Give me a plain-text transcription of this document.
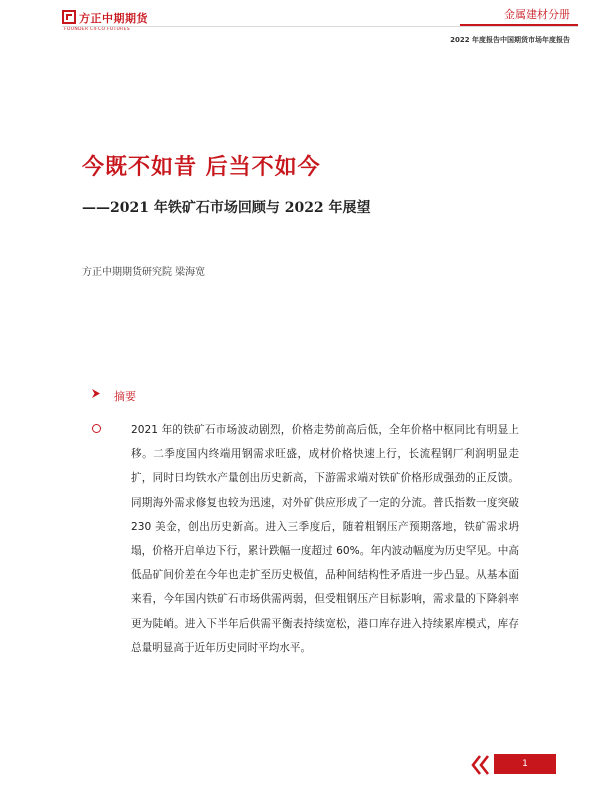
方正中期期货
FOUNDER CIFCO FUTURES
金属建材分册
2022 年度报告中国期货市场年度报告
今既不如昔 后当不如今
——2021 年铁矿石市场回顾与 2022 年展望
方正中期期货研究院 梁海宽
摘要

2021 年的铁矿石市场波动剧烈，价格走势前高后低，全年价格中枢同比有明显上移。二季度国内终端用钢需求旺盛，成材价格快速上行，长流程钢厂利润明显走扩，同时日均铁水产量创出历史新高，下游需求端对铁矿价格形成强劲的正反馈。同期海外需求修复也较为迅速，对外矿供应形成了一定的分流。普氏指数一度突破 230 美金，创出历史新高。进入三季度后，随着粗钢压产预期落地，铁矿需求坍塌，价格开启单边下行，累计跌幅一度超过 60%。年内波动幅度为历史罕见。中高低品矿间价差在今年也走扩至历史极值，品种间结构性矛盾进一步凸显。从基本面来看，今年国内铁矿石市场供需两弱，但受粗钢压产目标影响，需求量的下降斜率更为陡峭。进入下半年后供需平衡表持续宽松，港口库存进入持续累库模式，库存总量明显高于近年历史同时平均水平。

1
